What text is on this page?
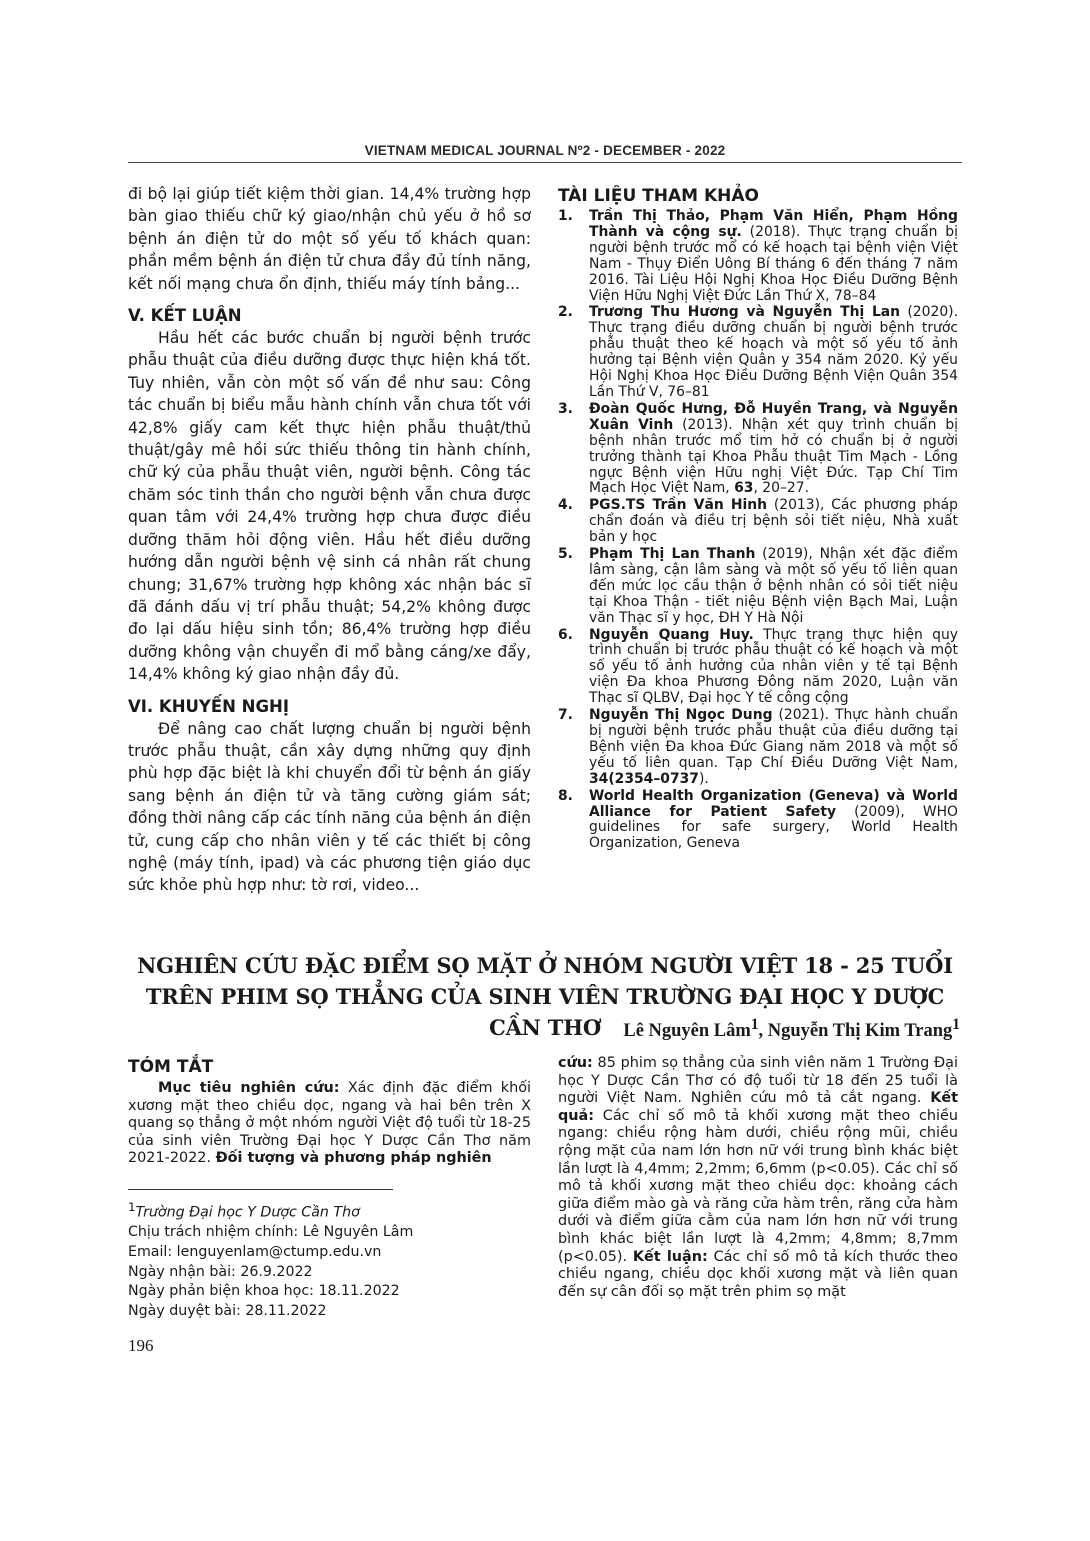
VIETNAM MEDICAL JOURNAL Nº2 - DECEMBER - 2022

đi bộ lại giúp tiết kiệm thời gian. 14,4% trường hợp bàn giao thiếu chữ ký giao/nhận chủ yếu ở hồ sơ bệnh án điện tử do một số yếu tố khách quan: phần mềm bệnh án điện tử chưa đầy đủ tính năng, kết nối mạng chưa ổn định, thiếu máy tính bảng...

V. KẾT LUẬN

Hầu hết các bước chuẩn bị người bệnh trước phẫu thuật của điều dưỡng được thực hiện khá tốt. Tuy nhiên, vẫn còn một số vấn đề như sau: Công tác chuẩn bị biểu mẫu hành chính vẫn chưa tốt với 42,8% giấy cam kết thực hiện phẫu thuật/thủ thuật/gây mê hồi sức thiếu thông tin hành chính, chữ ký của phẫu thuật viên, người bệnh. Công tác chăm sóc tinh thần cho người bệnh vẫn chưa được quan tâm với 24,4% trường hợp chưa được điều dưỡng thăm hỏi động viên. Hầu hết điều dưỡng hướng dẫn người bệnh vệ sinh cá nhân rất chung chung; 31,67% trường hợp không xác nhận bác sĩ đã đánh dấu vị trí phẫu thuật; 54,2% không được đo lại dấu hiệu sinh tồn; 86,4% trường hợp điều dưỡng không vận chuyển đi mổ bằng cáng/xe đẩy, 14,4% không ký giao nhận đầy đủ.

VI. KHUYẾN NGHỊ

Để nâng cao chất lượng chuẩn bị người bệnh trước phẫu thuật, cần xây dựng những quy định phù hợp đặc biệt là khi chuyển đổi từ bệnh án giấy sang bệnh án điện tử và tăng cường giám sát; đồng thời nâng cấp các tính năng của bệnh án điện tử, cung cấp cho nhân viên y tế các thiết bị công nghệ (máy tính, ipad) và các phương tiện giáo dục sức khỏe phù hợp như: tờ rơi, video...

TÀI LIỆU THAM KHẢO
1.	Trần Thị Thảo, Phạm Văn Hiển, Phạm Hồng Thành và cộng sự. (2018). Thực trạng chuẩn bị người bệnh trước mổ có kế hoạch tại bệnh viện Việt Nam - Thụy Điển Uông Bí tháng 6 đến tháng 7 năm 2016. Tài Liệu Hội Nghị Khoa Học Điều Dưỡng Bệnh Viện Hữu Nghị Việt Đức Lần Thứ X, 78–84
2.	Trương Thu Hương và Nguyễn Thị Lan (2020). Thực trạng điều dưỡng chuẩn bị người bệnh trước phẫu thuật theo kế hoạch và một số yếu tố ảnh hưởng tại Bệnh viện Quân y 354 năm 2020. Kỷ yếu Hội Nghị Khoa Học Điều Dưỡng Bệnh Viện Quân 354 Lần Thứ V, 76–81
3.	Đoàn Quốc Hưng, Đỗ Huyền Trang, và Nguyễn Xuân Vinh (2013). Nhận xét quy trình chuẩn bị bệnh nhân trước mổ tim hở có chuẩn bị ở người trưởng thành tại Khoa Phẫu thuật Tim Mạch - Lồng ngực Bệnh viện Hữu nghị Việt Đức. Tạp Chí Tim Mạch Học Việt Nam, 63, 20–27.
4.	PGS.TS Trần Văn Hinh (2013), Các phương pháp chẩn đoán và điều trị bệnh sỏi tiết niệu, Nhà xuất bản y học
5.	Phạm Thị Lan Thanh (2019), Nhận xét đặc điểm lâm sàng, cận lâm sàng và một số yếu tố liên quan đến mức lọc cầu thận ở bệnh nhân có sỏi tiết niệu tại Khoa Thận - tiết niệu Bệnh viện Bạch Mai, Luận văn Thạc sĩ y học, ĐH Y Hà Nội
6.	Nguyễn Quang Huy. Thực trạng thực hiện quy trình chuẩn bị trước phẫu thuật có kế hoạch và một số yếu tố ảnh hưởng của nhân viên y tế tại Bệnh viện Đa khoa Phương Đông năm 2020, Luận văn Thạc sĩ QLBV, Đại học Y tế công cộng
7.	Nguyễn Thị Ngọc Dung (2021). Thực hành chuẩn bị người bệnh trước phẫu thuật của điều dưỡng tại Bệnh viện Đa khoa Đức Giang năm 2018 và một số yếu tố liên quan. Tạp Chí Điều Dưỡng Việt Nam, 34(2354–0737).
8.	World Health Organization (Geneva) và World Alliance for Patient Safety (2009), WHO guidelines for safe surgery, World Health Organization, Geneva
NGHIÊN CỨU ĐẶC ĐIỂM SỌ MẶT Ở NHÓM NGƯỜI VIỆT 18 - 25 TUỔI TRÊN PHIM SỌ THẲNG CỦA SINH VIÊN TRƯỜNG ĐẠI HỌC Y DƯỢC CẦN THƠ	Lê Nguyên Lâm$^1$, Nguyễn Thị Kim Trang$^1$
TÓM TẮT

Mục tiêu nghiên cứu: Xác định đặc điểm khối xương mặt theo chiều dọc, ngang và hai bên trên X quang sọ thẳng ở một nhóm người Việt độ tuổi từ 18-25 của sinh viên Trường Đại học Y Dược Cần Thơ năm 2021-2022. Đối tượng và phương pháp nghiên

cứu: 85 phim sọ thẳng của sinh viên năm 1 Trường Đại học Y Dược Cần Thơ có độ tuổi từ 18 đến 25 tuổi là người Việt Nam. Nghiên cứu mô tả cắt ngang. Kết quả: Các chỉ số mô tả khối xương mặt theo chiều ngang: chiều rộng hàm dưới, chiều rộng mũi, chiều rộng mặt của nam lớn hơn nữ với trung bình khác biệt lần lượt là 4,4mm; 2,2mm; 6,6mm (p<0.05). Các chỉ số mô tả khối xương mặt theo chiều dọc: khoảng cách giữa điểm mào gà và răng cửa hàm trên, răng cửa hàm dưới và điểm giữa cằm của nam lớn hơn nữ với trung bình khác biệt lần lượt là 4,2mm; 4,8mm; 8,7mm (p<0.05). Kết luận: Các chỉ số mô tả kích thước theo chiều ngang, chiều dọc khối xương mặt và liên quan đến sự cân đối sọ mặt trên phim sọ mặt

$^1$Trường Đại học Y Dược Cần Thơ
Chịu trách nhiệm chính: Lê Nguyên Lâm
Email: lenguyenlam@ctump.edu.vn
Ngày nhận bài: 26.9.2022
Ngày phản biện khoa học: 18.11.2022
Ngày duyệt bài: 28.11.2022
196
